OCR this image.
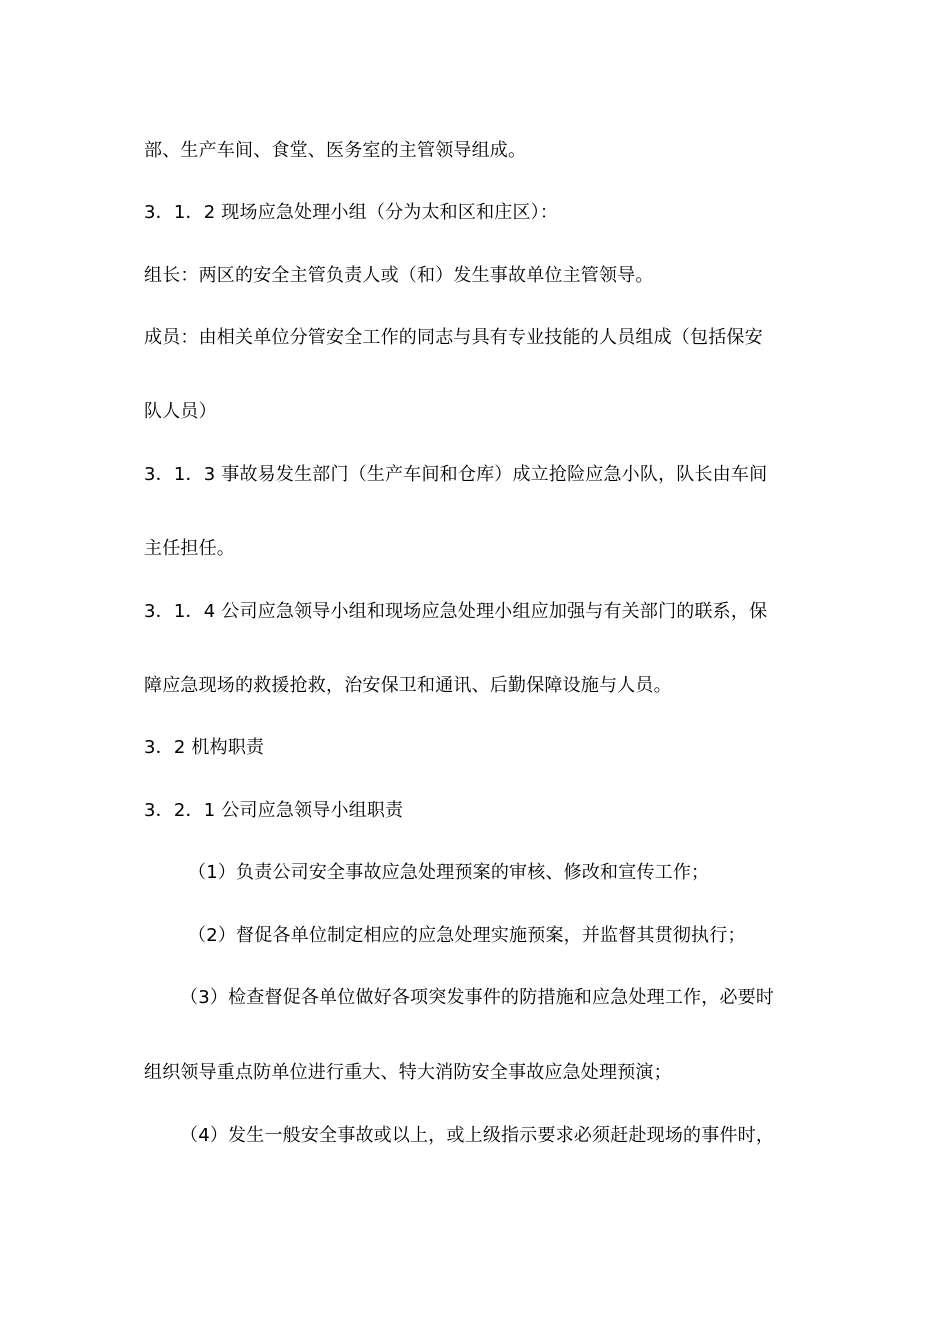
部、生产车间、食堂、医务室的主管领导组成。
3．1．2 现场应急处理小组（分为太和区和庄区）：
组长：两区的安全主管负责人或（和）发生事故单位主管领导。
成员：由相关单位分管安全工作的同志与具有专业技能的人员组成（包括保安
队人员）
3．1．3 事故易发生部门（生产车间和仓库）成立抢险应急小队，队长由车间
主任担任。
3．1．4 公司应急领导小组和现场应急处理小组应加强与有关部门的联系，保
障应急现场的救援抢救，治安保卫和通讯、后勤保障设施与人员。
3．2 机构职责
3．2．1 公司应急领导小组职责
（1）负责公司安全事故应急处理预案的审核、修改和宣传工作；
（2）督促各单位制定相应的应急处理实施预案，并监督其贯彻执行；
（3）检查督促各单位做好各项突发事件的防措施和应急处理工作，必要时
组织领导重点防单位进行重大、特大消防安全事故应急处理预演；
（4）发生一般安全事故或以上，或上级指示要求必须赶赴现场的事件时，
